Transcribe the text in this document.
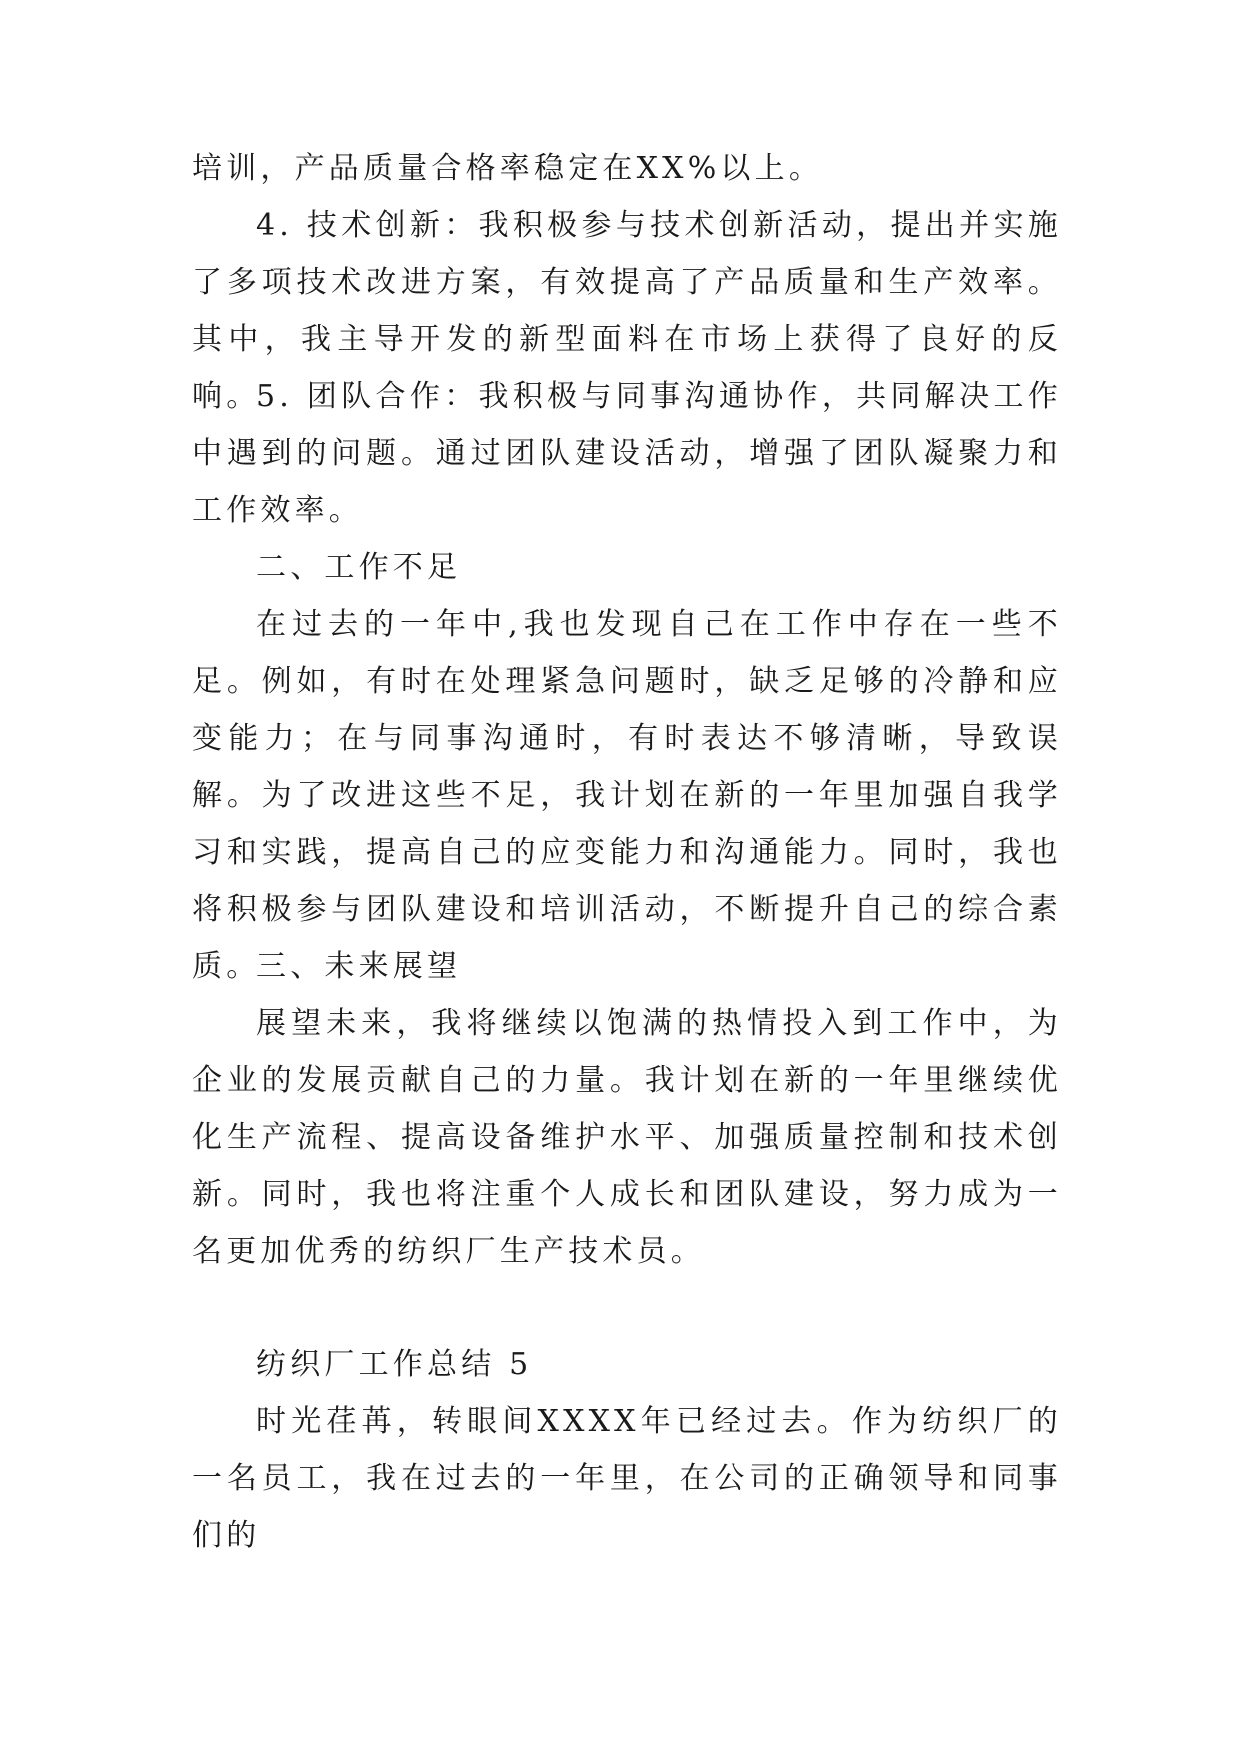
培训，产品质量合格率稳定在XX%以上。
4. 技术创新：我积极参与技术创新活动，提出并实施了多项技术改进方案，有效提高了产品质量和生产效率。其中，我主导开发的新型面料在市场上获得了良好的反响。
5. 团队合作：我积极与同事沟通协作，共同解决工作中遇到的问题。通过团队建设活动，增强了团队凝聚力和工作效率。
二、工作不足
在过去的一年中,我也发现自己在工作中存在一些不足。例如，有时在处理紧急问题时，缺乏足够的冷静和应变能力；在与同事沟通时，有时表达不够清晰，导致误解。为了改进这些不足，我计划在新的一年里加强自我学习和实践，提高自己的应变能力和沟通能力。同时，我也将积极参与团队建设和培训活动，不断提升自己的综合素质。
三、未来展望
展望未来，我将继续以饱满的热情投入到工作中，为企业的发展贡献自己的力量。我计划在新的一年里继续优化生产流程、提高设备维护水平、加强质量控制和技术创新。同时，我也将注重个人成长和团队建设，努力成为一名更加优秀的纺织厂生产技术员。
纺织厂工作总结 5
时光荏苒，转眼间XXXX年已经过去。作为纺织厂的一名员工，我在过去的一年里，在公司的正确领导和同事们的
